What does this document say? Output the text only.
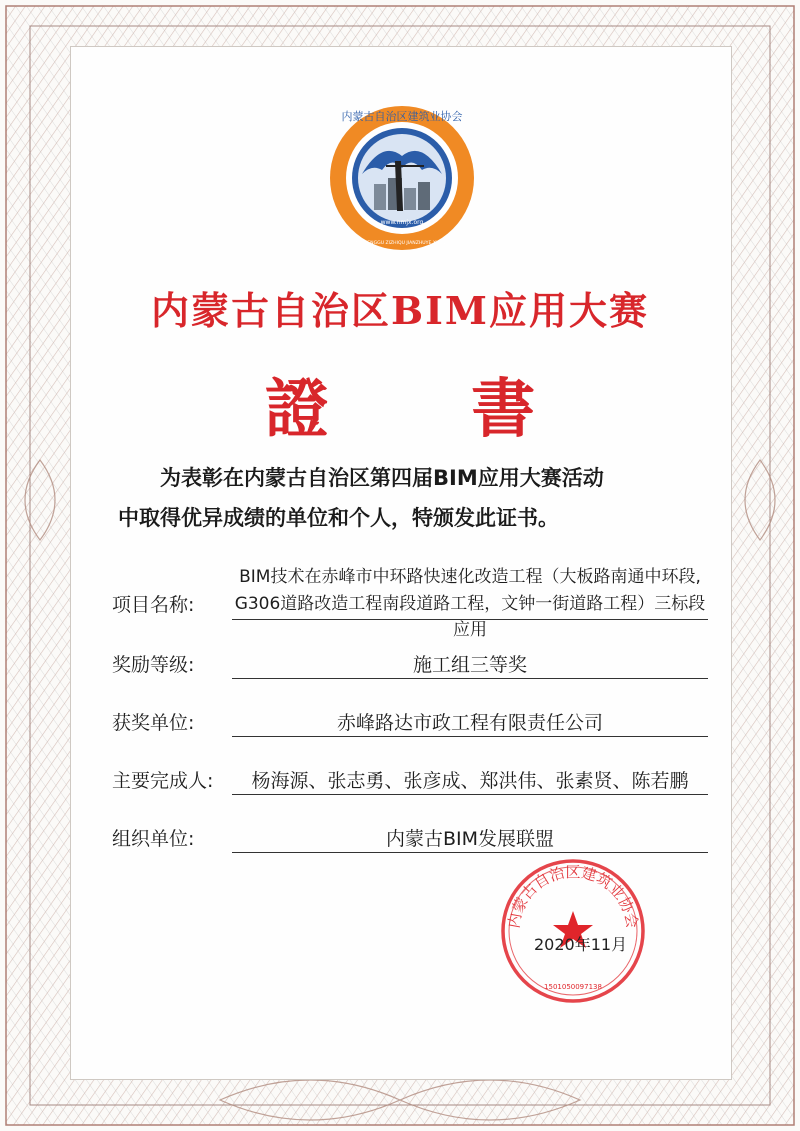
www.nmjx.org
内蒙古自治区建筑业协会
NEIMENGGU ZIZHIQU JIANZHUYE XIEHUI
内蒙古自治区BIM应用大赛
證 書
为表彰在内蒙古自治区第四届BIM应用大赛活动
中取得优异成绩的单位和个人，特颁发此证书。
项目名称:
BIM技术在赤峰市中环路快速化改造工程（大板路南通中环段,
G306道路改造工程南段道路工程，文钟一街道路工程）三标段应用
奖励等级:	施工组三等奖
获奖单位:	赤峰路达市政工程有限责任公司
主要完成人:	杨海源、张志勇、张彦成、郑洪伟、张素贤、陈若鹏
组织单位:	内蒙古BIM发展联盟
内蒙古自治区建筑业协会
1501050097138
2020年11月
